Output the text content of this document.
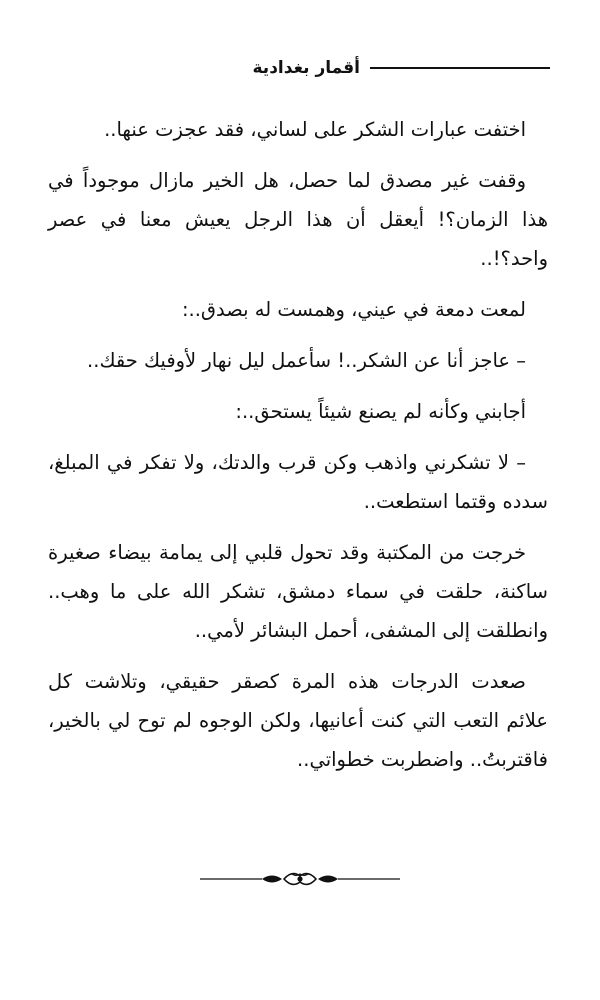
أقمار بغدادية

اختفت عبارات الشكر على لساني، فقد عجزت عنها..

وقفت غير مصدق لما حصل، هل الخير مازال موجوداً في هذا الزمان؟! أيعقل أن هذا الرجل يعيش معنا في عصر واحد؟!..

لمعت دمعة في عيني، وهمست له بصدق..:

– عاجز أنا عن الشكر..! سأعمل ليل نهار لأوفيك حقك..

أجابني وكأنه لم يصنع شيئاً يستحق..:

– لا تشكرني واذهب وكن قرب والدتك، ولا تفكر في المبلغ، سدده وقتما استطعت..

خرجت من المكتبة وقد تحول قلبي إلى يمامة بيضاء صغيرة ساكنة، حلقت في سماء دمشق، تشكر الله على ما وهب.. وانطلقت إلى المشفى، أحمل البشائر لأمي..

صعدت الدرجات هذه المرة كصقر حقيقي، وتلاشت كل علائم التعب التي كنت أعانيها، ولكن الوجوه لم توح لي بالخير، فاقتربتُ.. واضطربت خطواتي..
